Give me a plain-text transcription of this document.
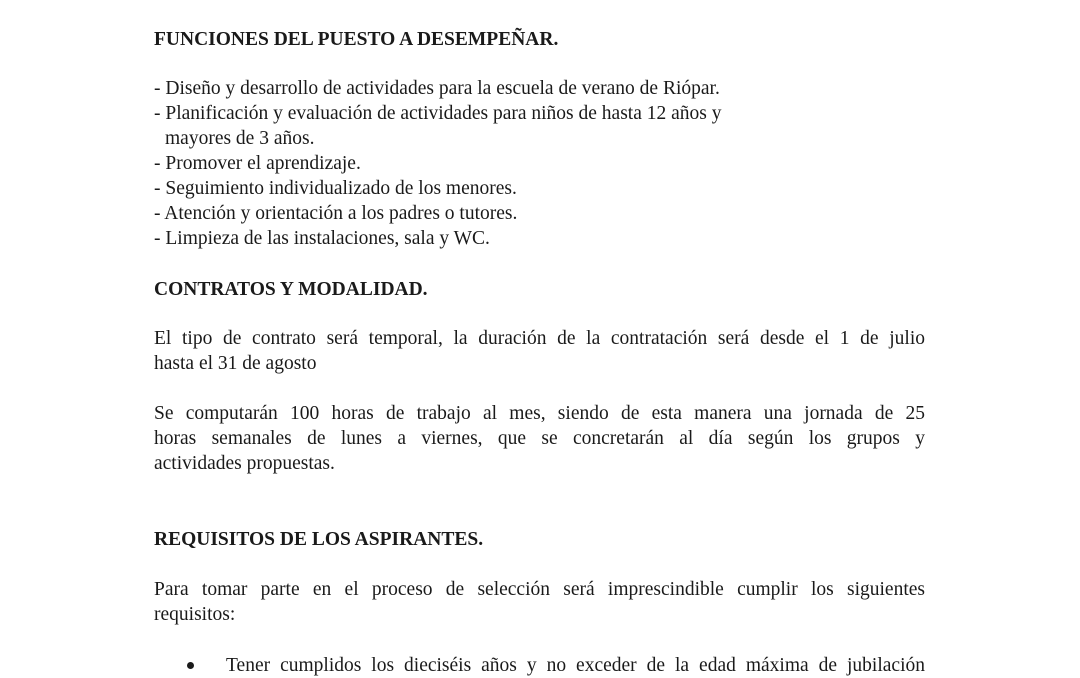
FUNCIONES DEL PUESTO A DESEMPEÑAR.
- Diseño y desarrollo de actividades para la escuela de verano de Riópar.
- Planificación y evaluación de actividades para niños de hasta 12 años y
mayores de 3 años.
- Promover el aprendizaje.
- Seguimiento individualizado de los menores.
- Atención y orientación a los padres o tutores.
- Limpieza de las instalaciones, sala y WC.
CONTRATOS Y MODALIDAD.
El tipo de contrato será temporal, la duración de la contratación será desde el 1 de julio
hasta el 31 de agosto
Se computarán 100 horas de trabajo al mes, siendo de esta manera una jornada de 25
horas semanales de lunes a viernes, que se concretarán al día según los grupos y
actividades propuestas.
REQUISITOS DE LOS ASPIRANTES.
Para tomar parte en el proceso de selección será imprescindible cumplir los siguientes
requisitos:
Tener cumplidos los dieciséis años y no exceder de la edad máxima de jubilación
